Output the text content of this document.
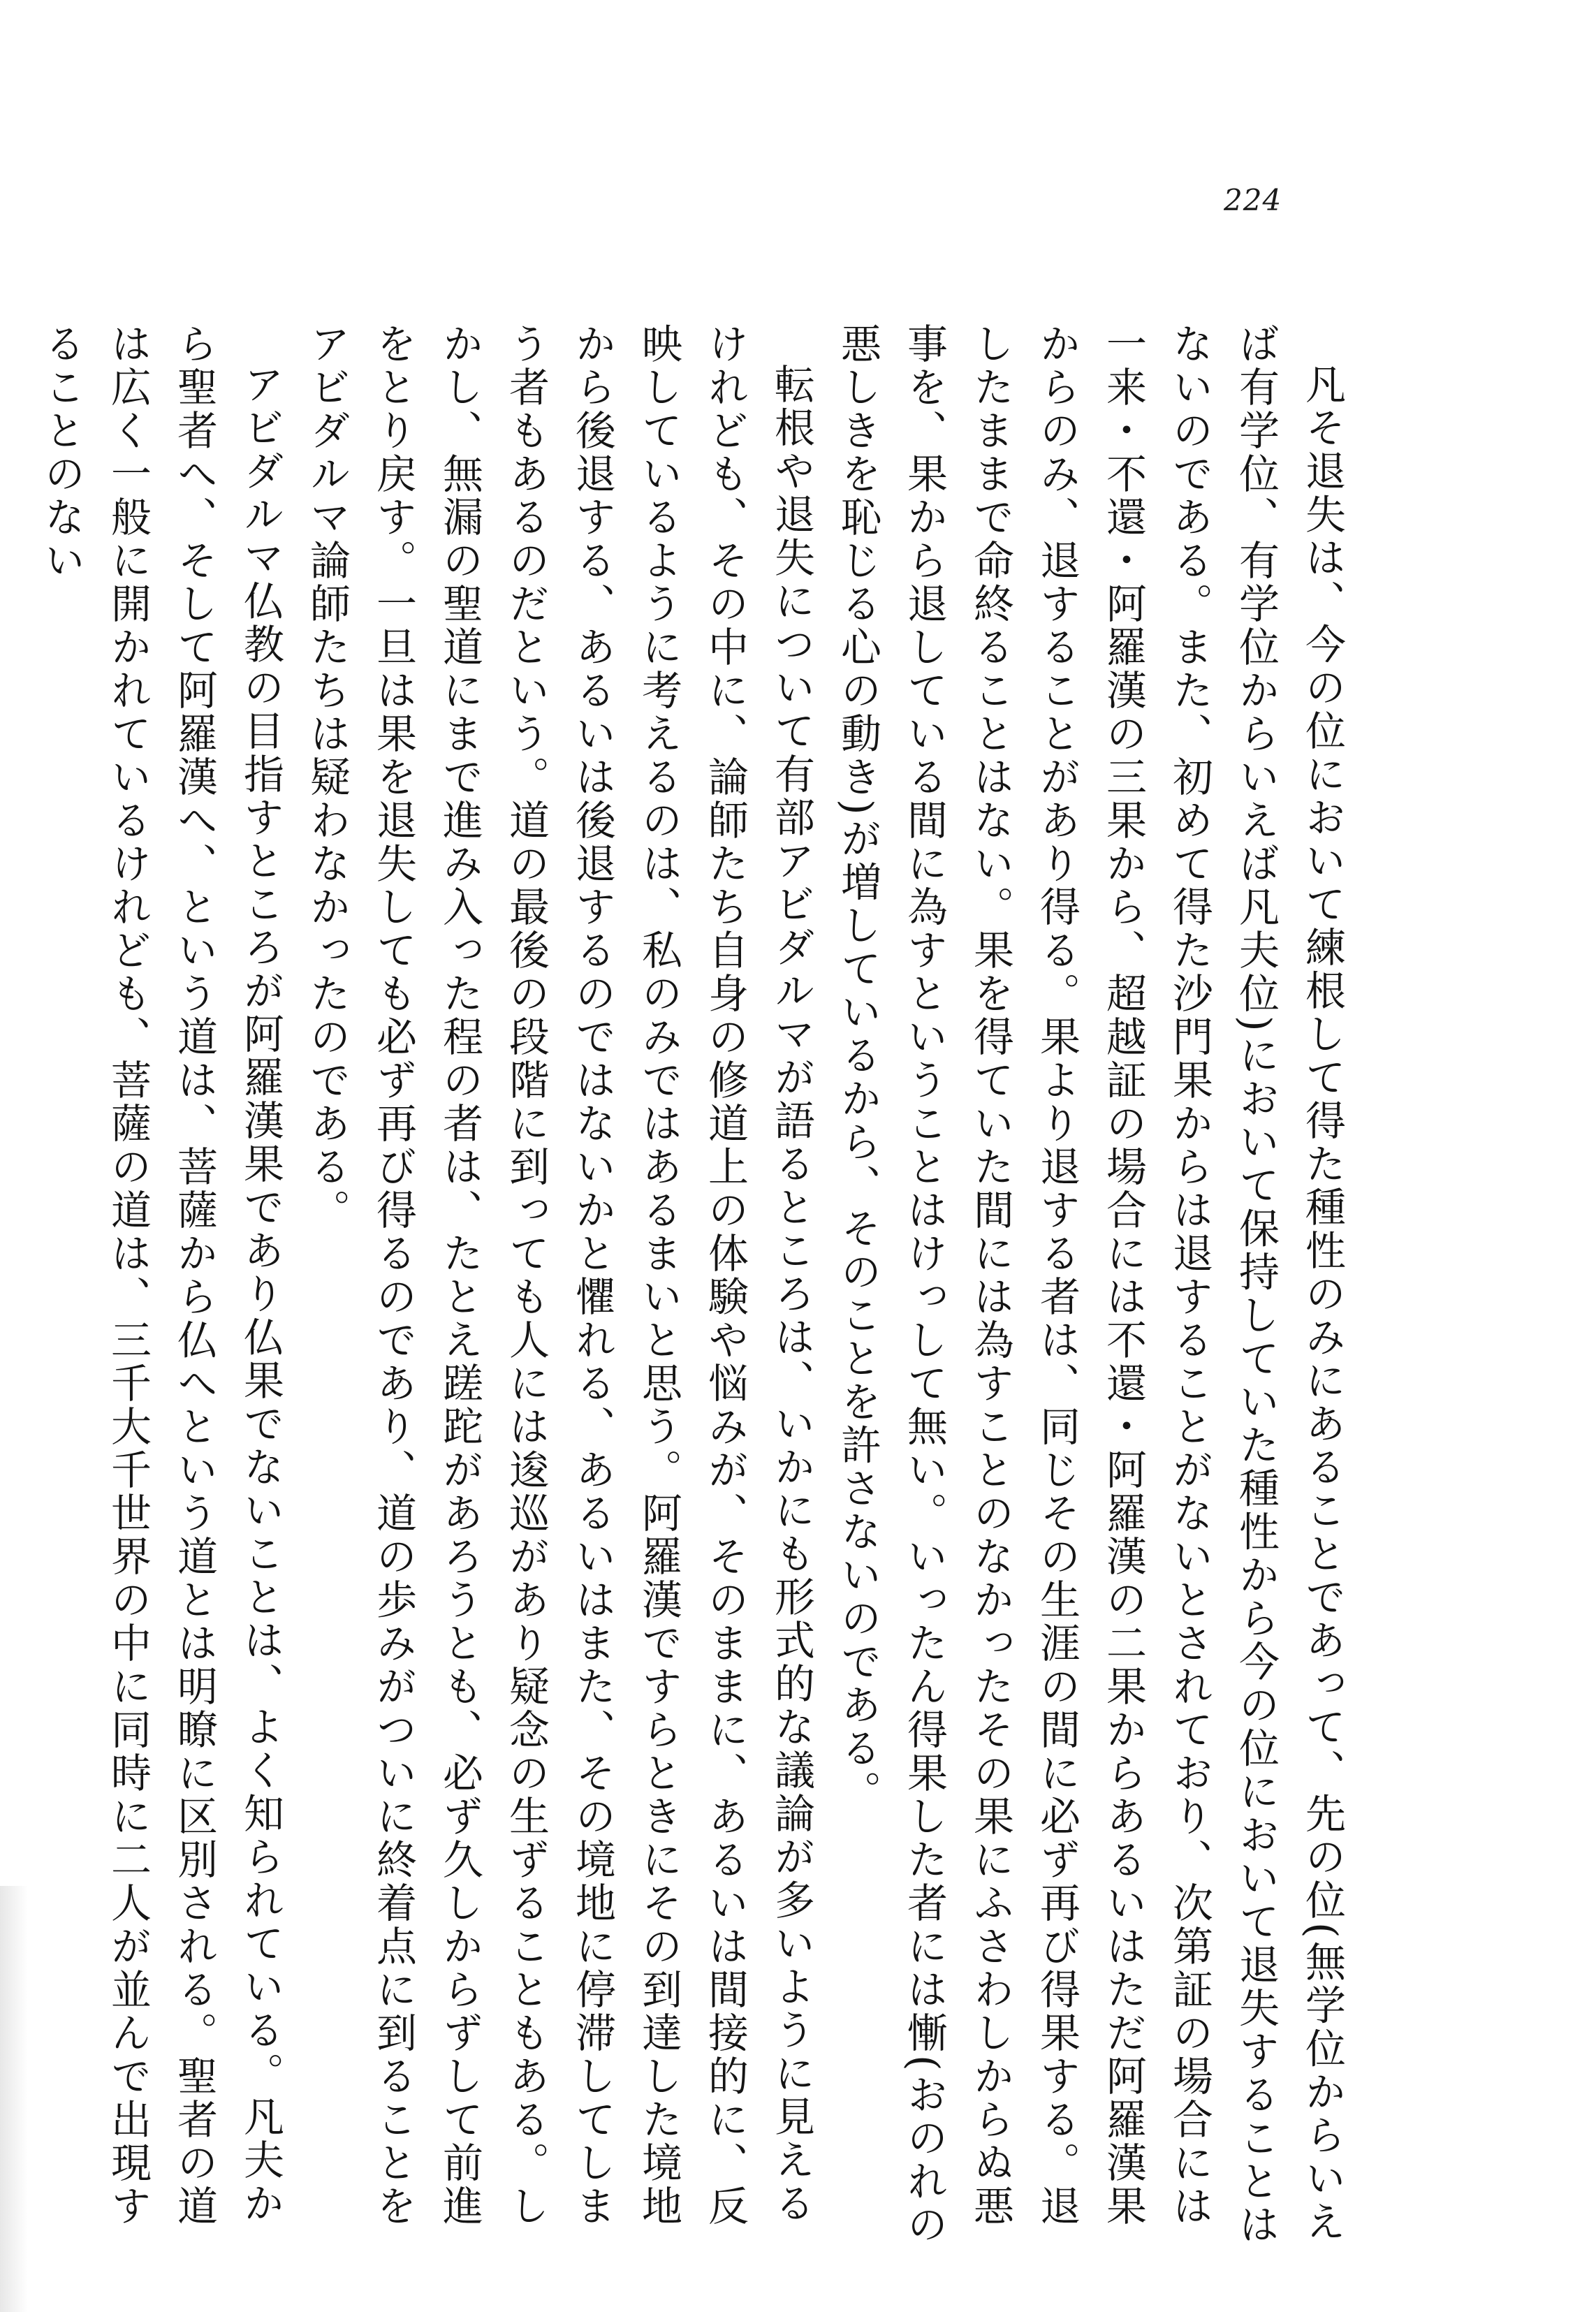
224

凡そ退失は、今の位において練根して得た種性のみにあることであって、先の位(無学位からいえば有学位、有学位からいえば凡夫位)において保持していた種性から今の位において退失することはないのである。また、初めて得た沙門果からは退することがないとされており、次第証の場合には一来・不還・阿羅漢の三果から、超越証の場合には不還・阿羅漢の二果からあるいはただ阿羅漢果からのみ、退することがあり得る。果より退する者は、同じその生涯の間に必ず再び得果する。退したままで命終ることはない。果を得ていた間には為すことのなかったその果にふさわしからぬ悪事を、果から退している間に為すということはけっして無い。いったん得果した者には慚(おのれの悪しきを恥じる心の動き)が増しているから、そのことを許さないのである。

転根や退失について有部アビダルマが語るところは、いかにも形式的な議論が多いように見えるけれども、その中に、論師たち自身の修道上の体験や悩みが、そのままに、あるいは間接的に、反映しているように考えるのは、私のみではあるまいと思う。阿羅漢ですらときにその到達した境地から後退する、あるいは後退するのではないかと懼れる、あるいはまた、その境地に停滞してしまう者もあるのだという。道の最後の段階に到っても人には逡巡があり疑念の生ずることもある。しかし、無漏の聖道にまで進み入った程の者は、たとえ蹉跎があろうとも、必ず久しからずして前進をとり戻す。一旦は果を退失しても必ず再び得るのであり、道の歩みがついに終着点に到ることをアビダルマ論師たちは疑わなかったのである。

アビダルマ仏教の目指すところが阿羅漢果であり仏果でないことは、よく知られている。凡夫から聖者へ、そして阿羅漢へ、という道は、菩薩から仏へという道とは明瞭に区別される。聖者の道は広く一般に開かれているけれども、菩薩の道は、三千大千世界の中に同時に二人が並んで出現することのない
